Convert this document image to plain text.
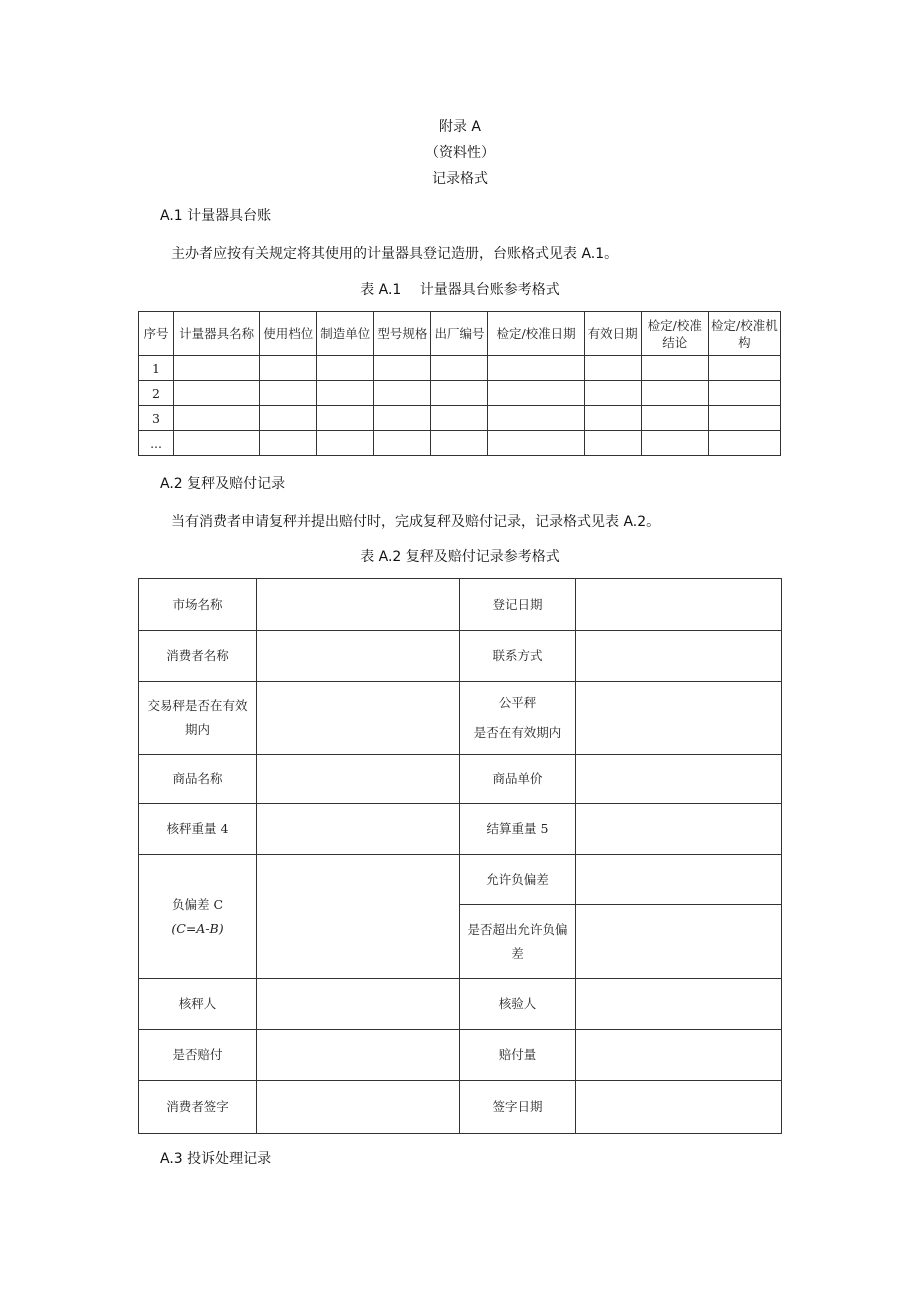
附录 A
（资料性）
记录格式
A.1 计量器具台账
主办者应按有关规定将其使用的计量器具登记造册，台账格式见表 A.1。
表 A.1　 计量器具台账参考格式
序号	计量器具名称	使用档位	制造单位	型号规格	出厂编号	检定/校准日期	有效日期	检定/校准结论	检定/校准机构
1									
2									
3									
...									
A.2 复秤及赔付记录
当有消费者申请复秤并提出赔付时，完成复秤及赔付记录，记录格式见表 A.2。
表 A.2 复秤及赔付记录参考格式
市场名称		登记日期	
消费者名称		联系方式	
交易秤是否在有效期内		公平秤
是否在有效期内	

商品名称		商品单价	
核秤重量 4		结算重量 5	

负偏差 C
(C=A-B)		允许负偏差	
		是否超出允许负偏差	
核秤人		核验人	
是否赔付		赔付量	
消费者签字		签字日期	
A.3 投诉处理记录
